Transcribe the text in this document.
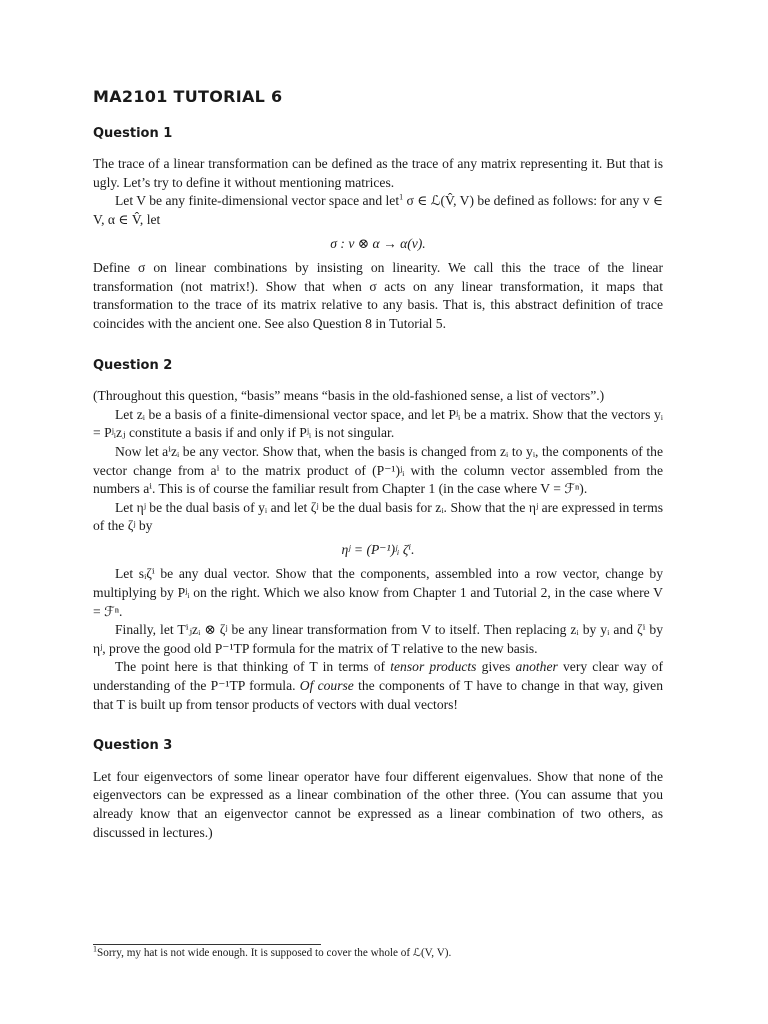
MA2101 TUTORIAL 6
Question 1

The trace of a linear transformation can be defined as the trace of any matrix representing it. But that is ugly. Let’s try to define it without mentioning matrices.

Let V be any finite-dimensional vector space and let$^1$ σ ∈ ℒ(V̂, V) be defined as follows: for any v ∈ V, α ∈ V̂, let

σ : v ⊗ α → α(v).

Define σ on linear combinations by insisting on linearity. We call this the trace of the linear transformation (not matrix!). Show that when σ acts on any linear transformation, it maps that transformation to the trace of its matrix relative to any basis. That is, this abstract definition of trace coincides with the ancient one. See also Question 8 in Tutorial 5.

Question 2

(Throughout this question, “basis” means “basis in the old-fashioned sense, a list of vectors”.)

Let zᵢ be a basis of a finite-dimensional vector space, and let Pʲᵢ be a matrix. Show that the vectors yᵢ = Pʲᵢzⱼ constitute a basis if and only if Pʲᵢ is not singular.

Now let aⁱzᵢ be any vector. Show that, when the basis is changed from zᵢ to yᵢ, the components of the vector change from aⁱ to the matrix product of (P⁻¹)ʲᵢ with the column vector assembled from the numbers aⁱ. This is of course the familiar result from Chapter 1 (in the case where V = ℱⁿ).

Let ηʲ be the dual basis of yᵢ and let ζʲ be the dual basis for zᵢ. Show that the ηʲ are expressed in terms of the ζʲ by

ηʲ = (P⁻¹)ʲᵢ ζⁱ.

Let sᵢζⁱ be any dual vector. Show that the components, assembled into a row vector, change by multiplying by Pʲᵢ on the right. Which we also know from Chapter 1 and Tutorial 2, in the case where V = ℱⁿ.

Finally, let Tⁱⱼzᵢ ⊗ ζʲ be any linear transformation from V to itself. Then replacing zᵢ by yᵢ and ζⁱ by ηʲ, prove the good old P⁻¹TP formula for the matrix of T relative to the new basis.

The point here is that thinking of T in terms of tensor products gives another very clear way of understanding of the P⁻¹TP formula. Of course the components of T have to change in that way, given that T is built up from tensor products of vectors with dual vectors!

Question 3

Let four eigenvectors of some linear operator have four different eigenvalues. Show that none of the eigenvectors can be expressed as a linear combination of the other three. (You can assume that you already know that an eigenvector cannot be expressed as a linear combination of two others, as discussed in lectures.)

$^1$Sorry, my hat is not wide enough. It is supposed to cover the whole of ℒ(V, V).
